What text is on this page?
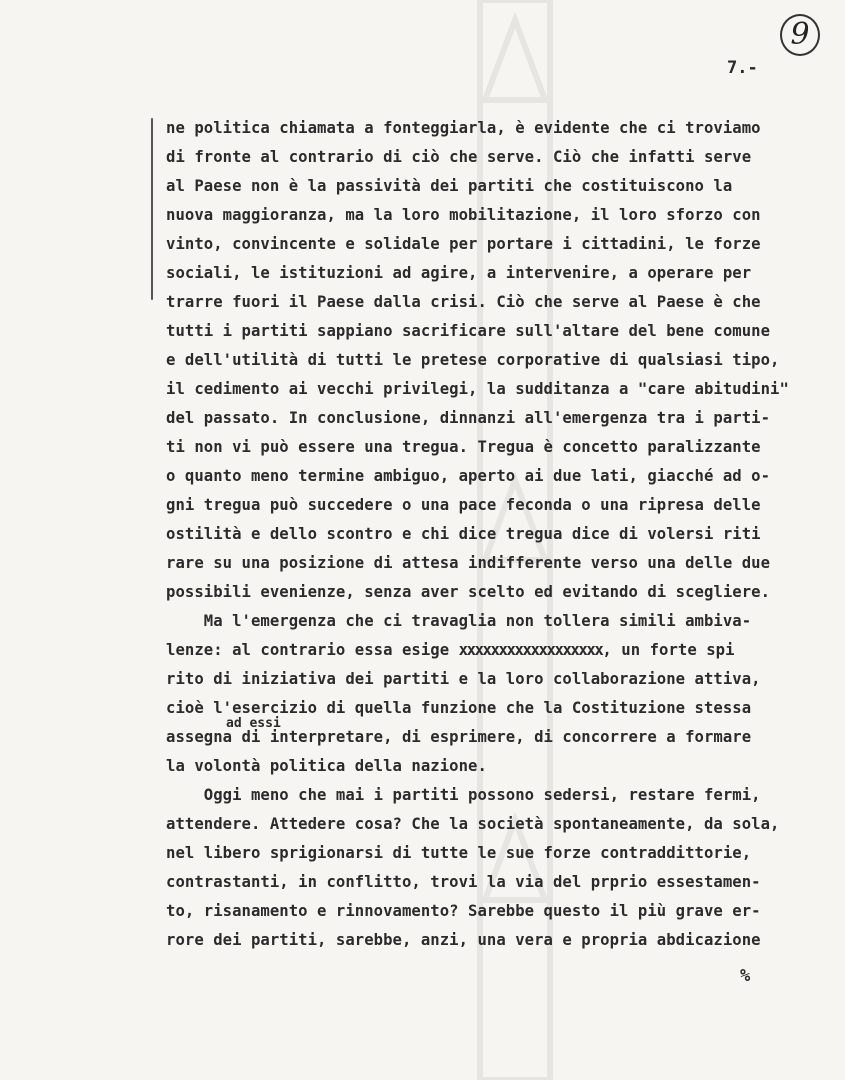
9
7.-
ne politica chiamata a fonteggiarla, è evidente che ci troviamo
di fronte al contrario di ciò che serve. Ciò che infatti serve
al Paese non è la passività dei partiti che costituiscono la
nuova maggioranza, ma la loro mobilitazione, il loro sforzo con
vinto, convincente e solidale per portare i cittadini, le forze
sociali, le istituzioni ad agire, a intervenire, a operare per
trarre fuori il Paese dalla crisi. Ciò che serve al Paese è che
tutti i partiti sappiano sacrificare sull'altare del bene comune
e dell'utilità di tutti le pretese corporative di qualsiasi tipo,
il cedimento ai vecchi privilegi, la sudditanza a "care abitudini"
del passato. In conclusione, dinnanzi all'emergenza tra i parti-
ti non vi può essere una tregua. Tregua è concetto paralizzante
o quanto meno termine ambiguo, aperto ai due lati, giacché ad o-
gni tregua può succedere o una pace feconda o una ripresa delle
ostilità e dello scontro e chi dice tregua dice di volersi riti
rare su una posizione di attesa indifferente verso una delle due
possibili evenienze, senza aver scelto ed evitando di scegliere.
Ma l'emergenza che ci travaglia non tollera simili ambiva-
lenze: al contrario essa esige xxxxxxxxxxxxxxxxxx, un forte spi
rito di iniziativa dei partiti e la loro collaborazione attiva,
cioè l'esercizio di quella funzione che la Costituzione stessa
ad essi
assegna di interpretare, di esprimere, di concorrere a formare
la volontà politica della nazione.
Oggi meno che mai i partiti possono sedersi, restare fermi,
attendere. Attedere cosa? Che la società spontaneamente, da sola,
nel libero sprigionarsi di tutte le sue forze contraddittorie,
contrastanti, in conflitto, trovi la via del prprio essestamen-
to, risanamento e rinnovamento? Sarebbe questo il più grave er-
rore dei partiti, sarebbe, anzi, una vera e propria abdicazione
%
